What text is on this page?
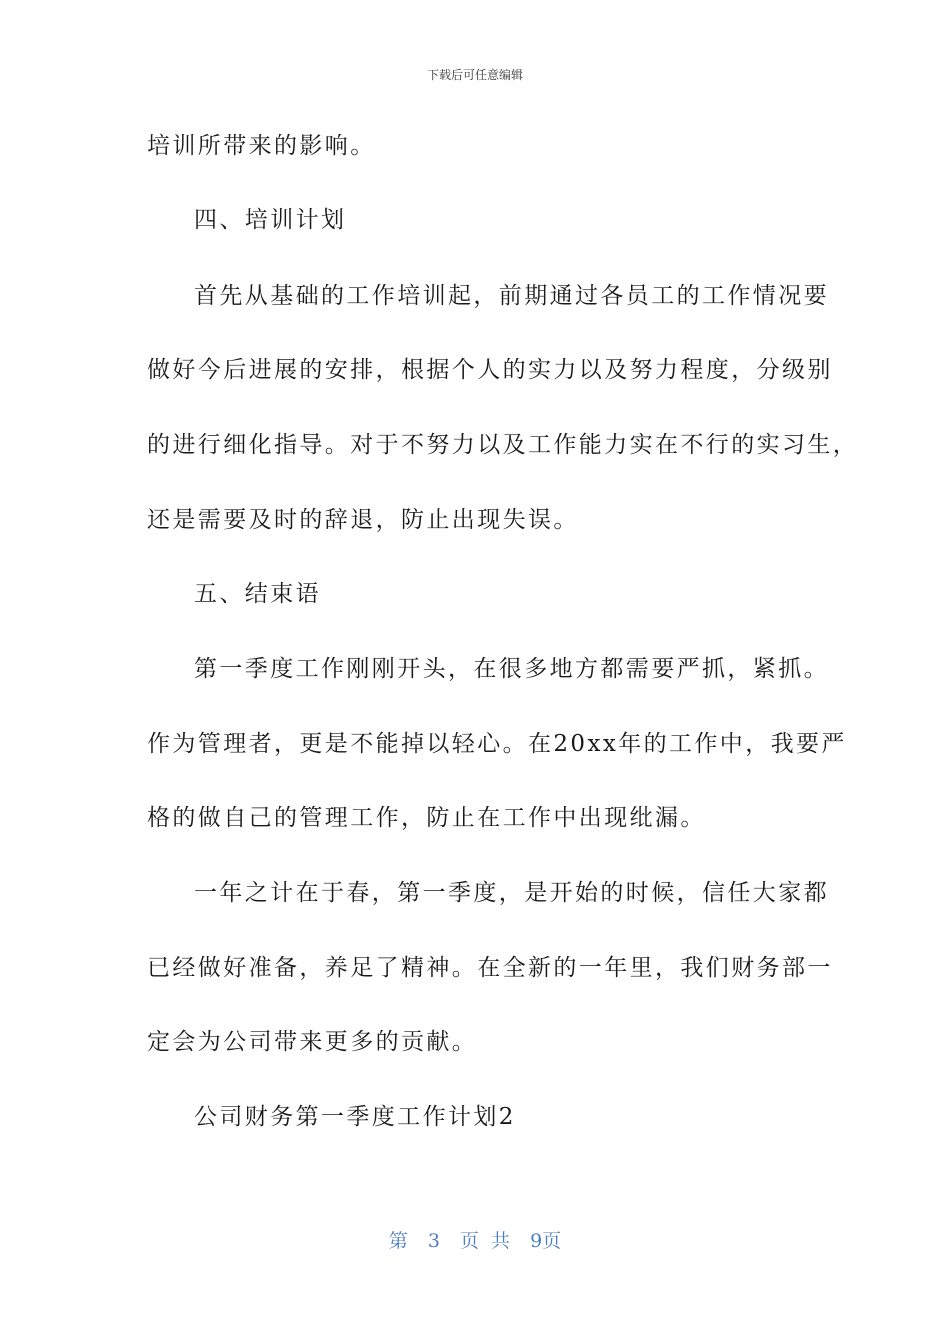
下载后可任意编辑
培训所带来的影响。
四、培训计划
首先从基础的工作培训起，前期通过各员工的工作情况要
做好今后进展的安排，根据个人的实力以及努力程度，分级别
的进行细化指导。对于不努力以及工作能力实在不行的实习生，
还是需要及时的辞退，防止出现失误。
五、结束语
第一季度工作刚刚开头，在很多地方都需要严抓，紧抓。
作为管理者，更是不能掉以轻心。在20xx年的工作中，我要严
格的做自己的管理工作，防止在工作中出现纰漏。
一年之计在于春，第一季度，是开始的时候，信任大家都
已经做好准备，养足了精神。在全新的一年里，我们财务部一
定会为公司带来更多的贡献。
公司财务第一季度工作计划2
第 3 页 共 9页
